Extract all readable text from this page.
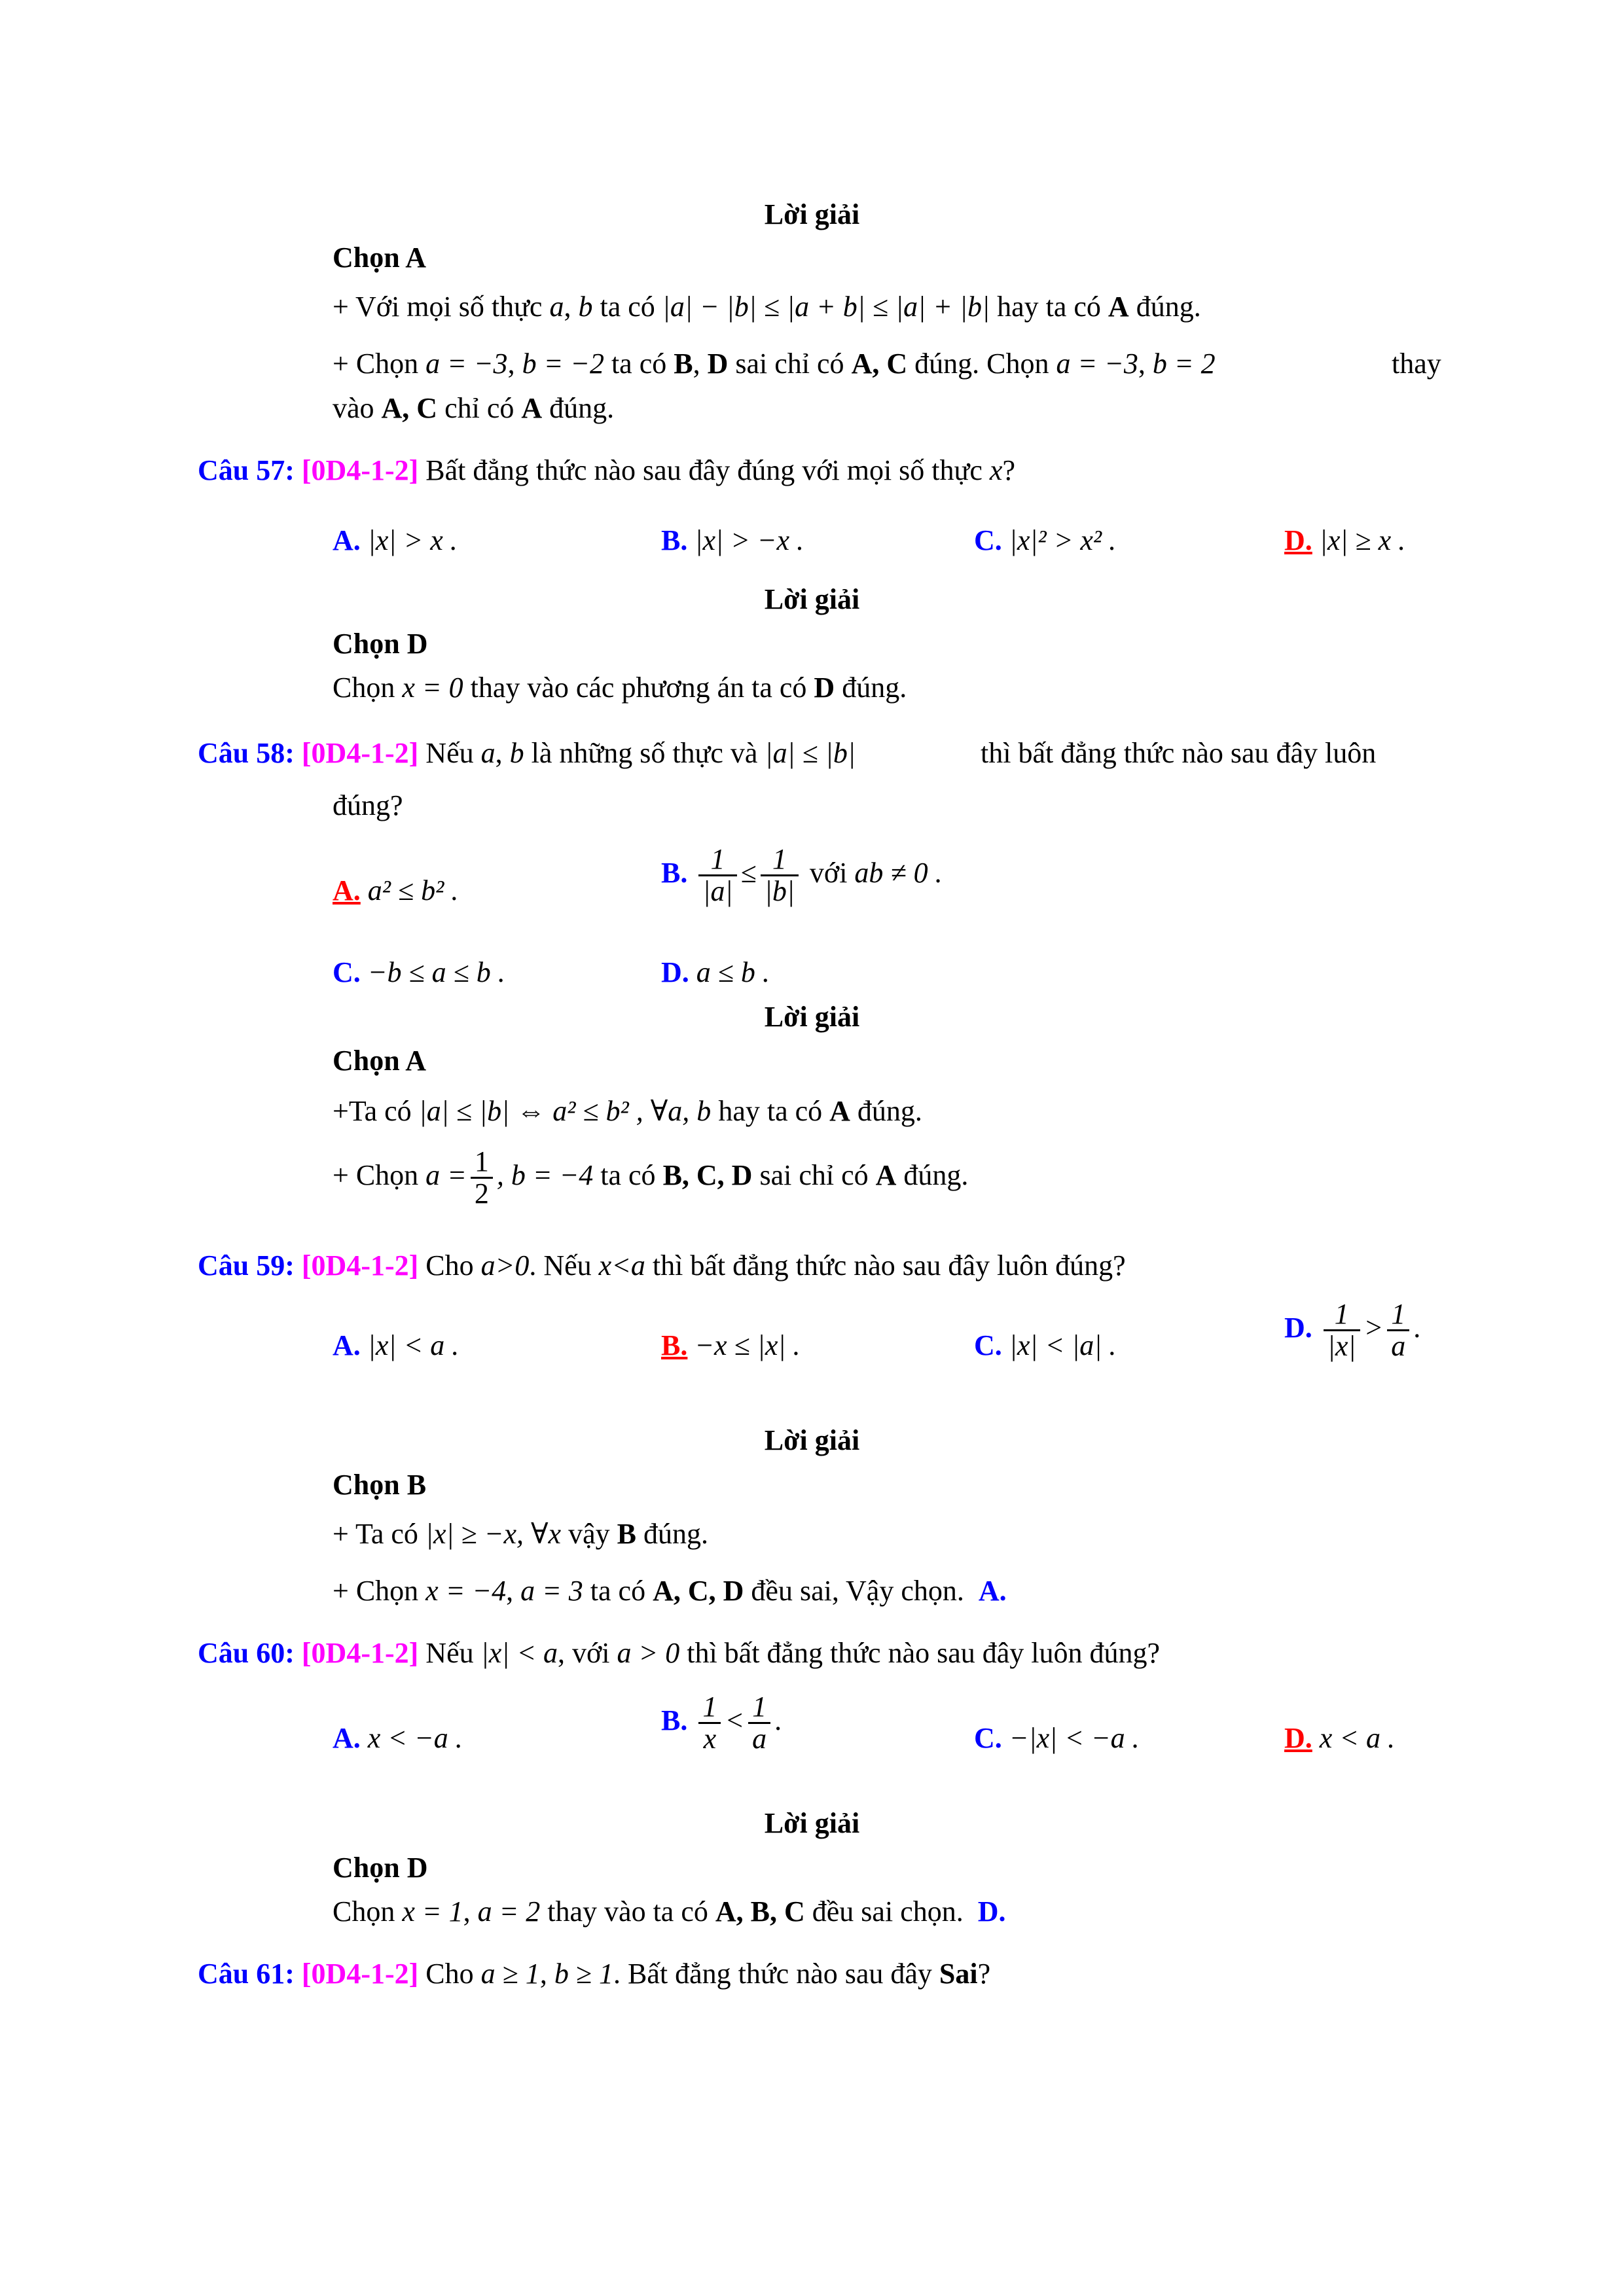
Lời giải
Chọn A
+ Với mọi số thực a, b ta có |a| − |b| ≤ |a + b| ≤ |a| + |b| hay ta có A đúng.
+ Chọn a = −3, b = −2 ta có B, D sai chỉ có A, C đúng. Chọn a = −3, b = 2	thay
vào A, C chỉ có A đúng.
Câu 57: [0D4-1-2] Bất đẳng thức nào sau đây đúng với mọi số thực x?
A. |x| > x .	B. |x| > −x .	C. |x|² > x² .	D. |x| ≥ x .
Lời giải
Chọn D
Chọn x = 0 thay vào các phương án ta có D đúng.
Câu 58: [0D4-1-2] Nếu a, b là những số thực và |a| ≤ |b|	thì bất đẳng thức nào sau đây luôn
đúng?
A. a² ≤ b² .
B. $\frac{1}{|a|} \le \frac{1}{|b|}$ với ab ≠ 0 .
C. −b ≤ a ≤ b .	D. a ≤ b .
Lời giải
Chọn A
+Ta có |a| ≤ |b| ⇔ a² ≤ b² , ∀a, b hay ta có A đúng.
+ Chọn $a = \frac{1}{2}$ , b = −4 ta có B, C, D sai chỉ có A đúng.
Câu 59: [0D4-1-2] Cho a>0. Nếu x<a thì bất đẳng thức nào sau đây luôn đúng?
A. |x| < a .	B. −x ≤ |x| .	C. |x| < |a| .
D. $\frac{1}{|x|} > \frac{1}{a}$ .
Lời giải
Chọn B
+ Ta có |x| ≥ −x, ∀x vậy B đúng.
+ Chọn x = −4, a = 3 ta có A, C, D đều sai, Vậy chọn. A.
Câu 60: [0D4-1-2] Nếu |x| < a, với a > 0 thì bất đẳng thức nào sau đây luôn đúng?
A. x < −a .
B. $\frac{1}{x} < \frac{1}{a}$ .
C. −|x| < −a .	D. x < a .
Lời giải
Chọn D
Chọn x = 1, a = 2 thay vào ta có A, B, C đều sai chọn. D.
Câu 61: [0D4-1-2] Cho a ≥ 1, b ≥ 1. Bất đẳng thức nào sau đây Sai?
